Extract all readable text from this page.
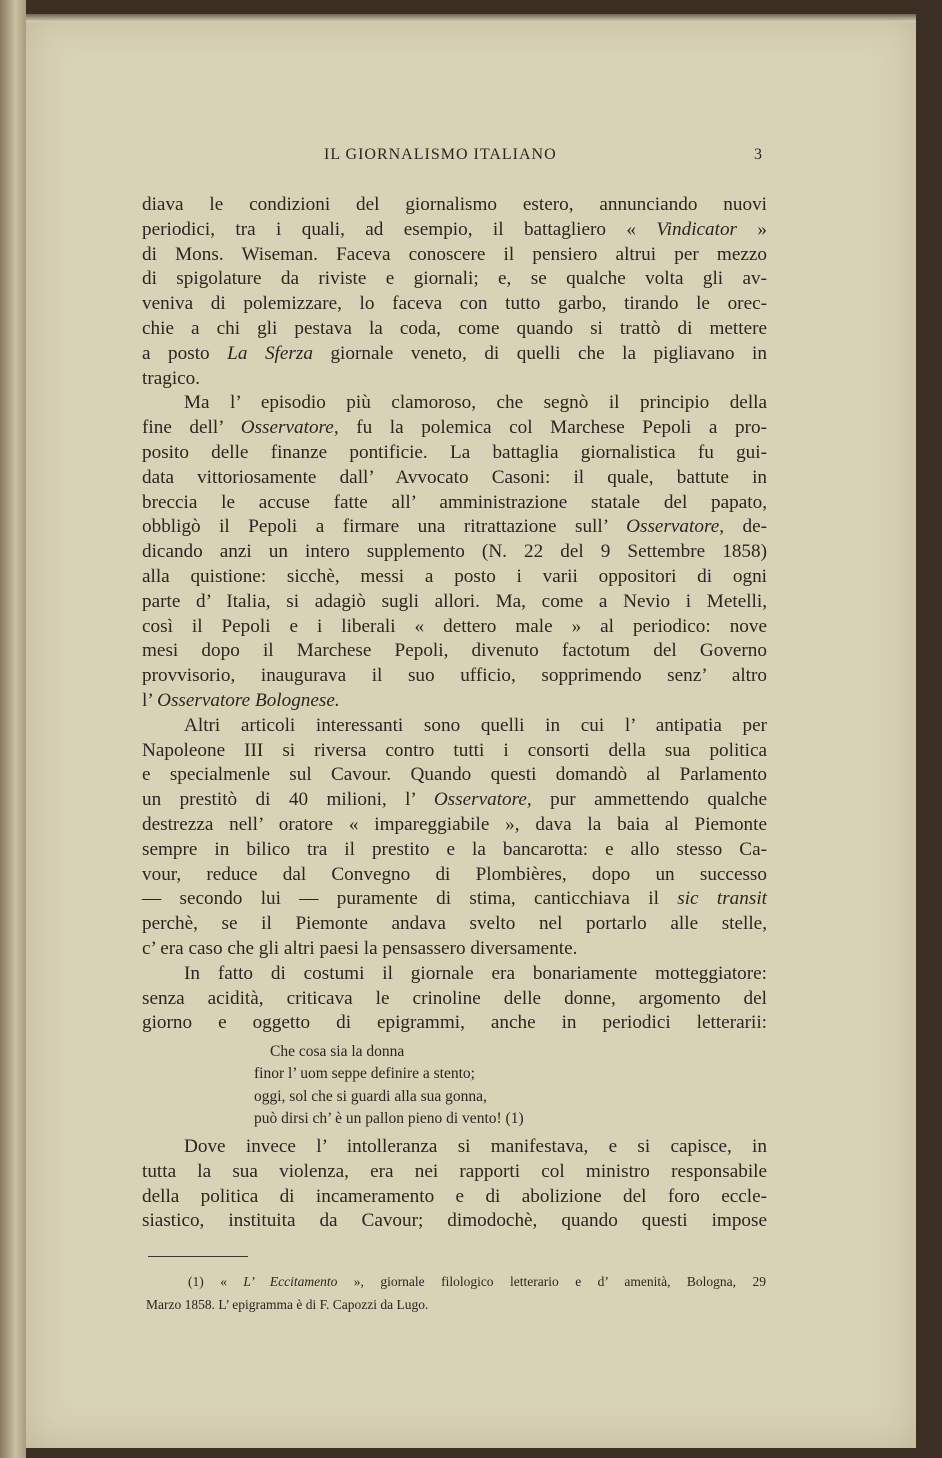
IL GIORNALISMO ITALIANO	3
diava le condizioni del giornalismo estero, annunciando nuovi
periodici, tra i quali, ad esempio, il battagliero « Vindicator »
di Mons. Wiseman. Faceva conoscere il pensiero altrui per mezzo
di spigolature da riviste e giornali; e, se qualche volta gli av-
veniva di polemizzare, lo faceva con tutto garbo, tirando le orec-
chie a chi gli pestava la coda, come quando si trattò di mettere
a posto La Sferza giornale veneto, di quelli che la pigliavano in
tragico.
Ma l’ episodio più clamoroso, che segnò il principio della
fine dell’ Osservatore, fu la polemica col Marchese Pepoli a pro-
posito delle finanze pontificie. La battaglia giornalistica fu gui-
data vittoriosamente dall’ Avvocato Casoni: il quale, battute in
breccia le accuse fatte all’ amministrazione statale del papato,
obbligò il Pepoli a firmare una ritrattazione sull’ Osservatore, de-
dicando anzi un intero supplemento (N. 22 del 9 Settembre 1858)
alla quistione: sicchè, messi a posto i varii oppositori di ogni
parte d’ Italia, si adagiò sugli allori. Ma, come a Nevio i Metelli,
così il Pepoli e i liberali « dettero male » al periodico: nove
mesi dopo il Marchese Pepoli, divenuto factotum del Governo
provvisorio, inaugurava il suo ufficio, sopprimendo senz’ altro
l’ Osservatore Bolognese.
Altri articoli interessanti sono quelli in cui l’ antipatia per
Napoleone III si riversa contro tutti i consorti della sua politica
e specialmenle sul Cavour. Quando questi domandò al Parlamento
un prestitò di 40 milioni, l’ Osservatore, pur ammettendo qualche
destrezza nell’ oratore « impareggiabile », dava la baia al Piemonte
sempre in bilico tra il prestito e la bancarotta: e allo stesso Ca-
vour, reduce dal Convegno di Plombières, dopo un successo
— secondo lui — puramente di stima, canticchiava il sic transit
perchè, se il Piemonte andava svelto nel portarlo alle stelle,
c’ era caso che gli altri paesi la pensassero diversamente.
In fatto di costumi il giornale era bonariamente motteggiatore:
senza acidità, criticava le crinoline delle donne, argomento del
giorno e oggetto di epigrammi, anche in periodici letterarii:
Che cosa sia la donna
finor l’ uom seppe definire a stento;
oggi, sol che si guardi alla sua gonna,
può dirsi ch’ è un pallon pieno di vento! (1)
Dove invece l’ intolleranza si manifestava, e si capisce, in
tutta la sua violenza, era nei rapporti col ministro responsabile
della politica di incameramento e di abolizione del foro eccle-
siastico, instituita da Cavour; dimodochè, quando questi impose
(1) « L’ Eccitamento », giornale filologico letterario e d’ amenità, Bologna, 29
Marzo 1858. L’ epigramma è di F. Capozzi da Lugo.
